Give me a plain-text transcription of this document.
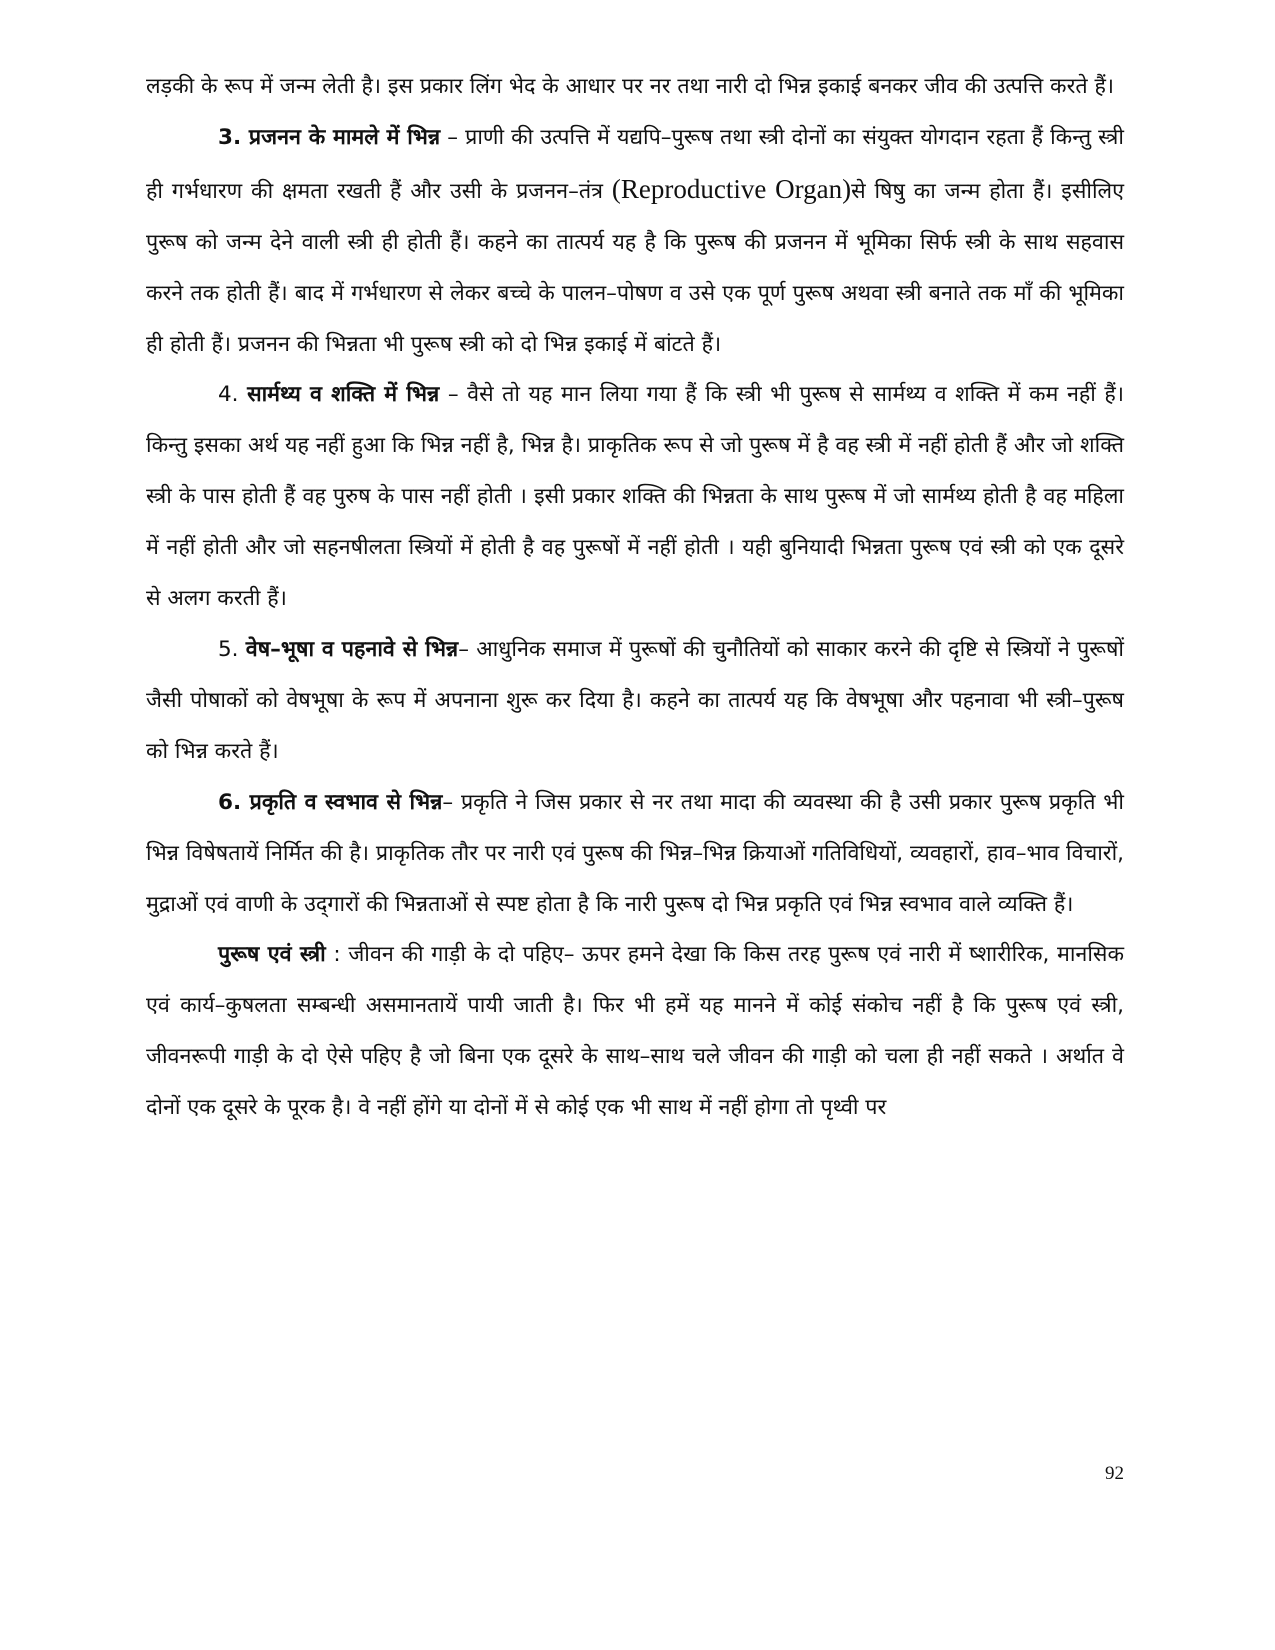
लड़की के रूप में जन्म लेती है। इस प्रकार लिंग भेद के आधार पर नर तथा नारी दो भिन्न इकाई बनकर जीव की उत्पत्ति करते हैं।

3. प्रजनन के मामले में भिन्न – प्राणी की उत्पत्ति में यद्यपि–पुरूष तथा स्त्री दोनों का संयुक्त योगदान रहता हैं किन्तु स्त्री ही गर्भधारण की क्षमता रखती हैं और उसी के प्रजनन–तंत्र (Reproductive Organ)से षिषु का जन्म होता हैं। इसीलिए पुरूष को जन्म देने वाली स्त्री ही होती हैं। कहने का तात्पर्य यह है कि पुरूष की प्रजनन में भूमिका सिर्फ स्त्री के साथ सहवास करने तक होती हैं। बाद में गर्भधारण से लेकर बच्चे के पालन–पोषण व उसे एक पूर्ण पुरूष अथवा स्त्री बनाते तक माँ की भूमिका ही होती हैं। प्रजनन की भिन्नता भी पुरूष स्त्री को दो भिन्न इकाई में बांटते हैं।

4. सार्मथ्य व शक्ति में भिन्न – वैसे तो यह मान लिया गया हैं कि स्त्री भी पुरूष से सार्मथ्य व शक्ति में कम नहीं हैं। किन्तु इसका अर्थ यह नहीं हुआ कि भिन्न नहीं है, भिन्न है। प्राकृतिक रूप से जो पुरूष में है वह स्त्री में नहीं होती हैं और जो शक्ति स्त्री के पास होती हैं वह पुरुष के पास नहीं होती । इसी प्रकार शक्ति की भिन्नता के साथ पुरूष में जो सार्मथ्य होती है वह महिला में नहीं होती और जो सहनषीलता स्त्रियों में होती है वह पुरूषों में नहीं होती । यही बुनियादी भिन्नता पुरूष एवं स्त्री को एक दूसरे से अलग करती हैं।

5. वेष–भूषा व पहनावे से भिन्न– आधुनिक समाज में पुरूषों की चुनौतियों को साकार करने की दृष्टि से स्त्रियों ने पुरूषों जैसी पोषाकों को वेषभूषा के रूप में अपनाना शुरू कर दिया है। कहने का तात्पर्य यह कि वेषभूषा और पहनावा भी स्त्री–पुरूष को भिन्न करते हैं।

6. प्रकृति व स्वभाव से भिन्न– प्रकृति ने जिस प्रकार से नर तथा मादा की व्यवस्था की है उसी प्रकार पुरूष प्रकृति भी भिन्न विषेषतायें निर्मित की है। प्राकृतिक तौर पर नारी एवं पुरूष की भिन्न–भिन्न क्रियाओं गतिविधियों, व्यवहारों, हाव–भाव विचारों, मुद्राओं एवं वाणी के उद्‌गारों की भिन्नताओं से स्पष्ट होता है कि नारी पुरूष दो भिन्न प्रकृति एवं भिन्न स्वभाव वाले व्यक्ति हैं।

पुरूष एवं स्त्री : जीवन की गाड़ी के दो पहिए– ऊपर हमने देखा कि किस तरह पुरूष एवं नारी में ष्शारीरिक, मानसिक एवं कार्य–कुषलता सम्बन्धी असमानतायें पायी जाती है। फिर भी हमें यह मानने में कोई संकोच नहीं है कि पुरूष एवं स्त्री, जीवनरूपी गाड़ी के दो ऐसे पहिए है जो बिना एक दूसरे के साथ–साथ चले जीवन की गाड़ी को चला ही नहीं सकते । अर्थात वे दोनों एक दूसरे के पूरक है। वे नहीं होंगे या दोनों में से कोई एक भी साथ में नहीं होगा तो पृथ्वी पर

92
